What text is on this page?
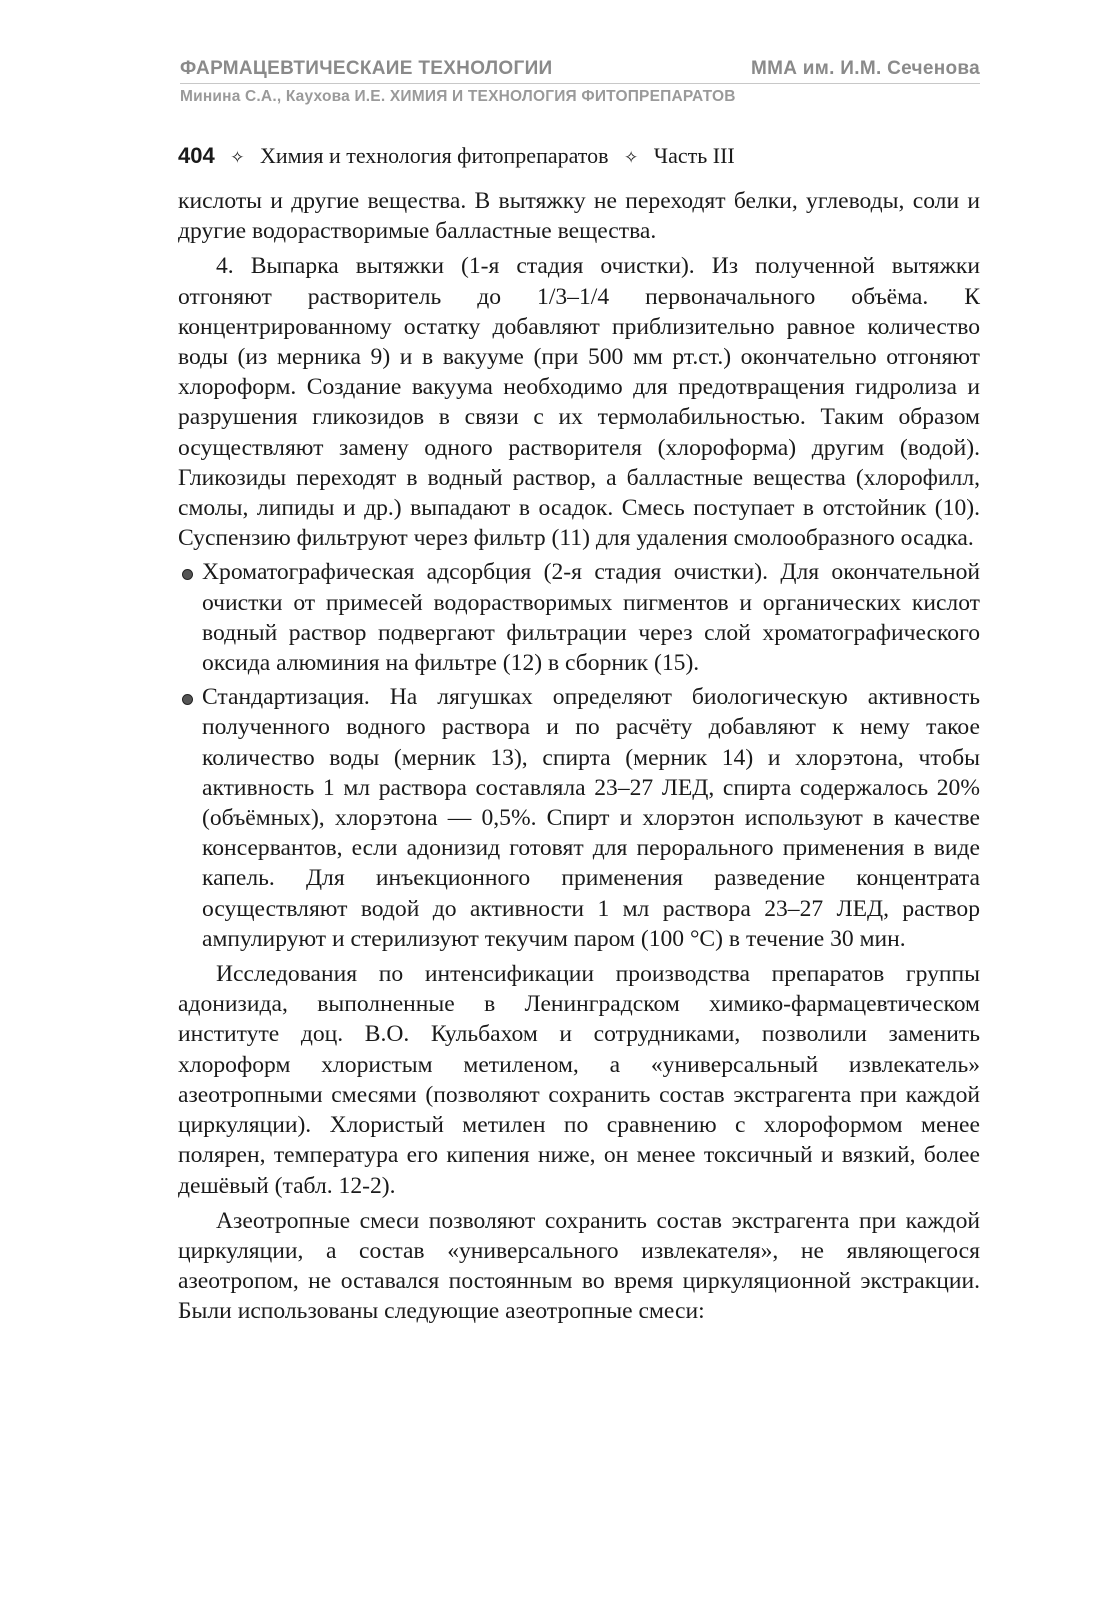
ФАРМАЦЕВТИЧЕСКАИЕ ТЕХНОЛОГИИ	ММА им. И.М. Сеченова
Минина С.А., Каухова И.Е. ХИМИЯ И ТЕХНОЛОГИЯ ФИТОПРЕПАРАТОВ
404 ✧ Химия и технология фитопрепаратов ✧ Часть III

кислоты и другие вещества. В вытяжку не переходят белки, углеводы, соли и другие водорастворимые балластные вещества.

4. Выпарка вытяжки (1-я стадия очистки). Из полученной вытяжки отгоняют растворитель до 1/3–1/4 первоначального объёма. К концентрированному остатку добавляют приблизительно равное количество воды (из мерника 9) и в вакууме (при 500 мм рт.ст.) окончательно отгоняют хлороформ. Создание вакуума необходимо для предотвращения гидролиза и разрушения гликозидов в связи с их термолабильностью. Таким образом осуществляют замену одного растворителя (хлороформа) другим (водой). Гликозиды переходят в водный раствор, а балластные вещества (хлорофилл, смолы, липиды и др.) выпадают в осадок. Смесь поступает в отстойник (10). Суспензию фильтруют через фильтр (11) для удаления смолообразного осадка.

Хроматографическая адсорбция (2-я стадия очистки). Для окончательной очистки от примесей водорастворимых пигментов и органических кислот водный раствор подвергают фильтрации через слой хроматографического оксида алюминия на фильтре (12) в сборник (15).

Стандартизация. На лягушках определяют биологическую активность полученного водного раствора и по расчёту добавляют к нему такое количество воды (мерник 13), спирта (мерник 14) и хлорэтона, чтобы активность 1 мл раствора составляла 23–27 ЛЕД, спирта содержалось 20% (объёмных), хлорэтона — 0,5%. Спирт и хлорэтон используют в качестве консервантов, если адонизид готовят для перорального применения в виде капель. Для инъекционного применения разведение концентрата осуществляют водой до активности 1 мл раствора 23–27 ЛЕД, раствор ампулируют и стерилизуют текучим паром (100 °С) в течение 30 мин.

Исследования по интенсификации производства препаратов группы адонизида, выполненные в Ленинградском химико-фармацевтическом институте доц. В.О. Кульбахом и сотрудниками, позволили заменить хлороформ хлористым метиленом, а «универсальный извлекатель» азеотропными смесями (позволяют сохранить состав экстрагента при каждой циркуляции). Хлористый метилен по сравнению с хлороформом менее полярен, температура его кипения ниже, он менее токсичный и вязкий, более дешёвый (табл. 12-2).

Азеотропные смеси позволяют сохранить состав экстрагента при каждой циркуляции, а состав «универсального извлекателя», не являющегося азеотропом, не оставался постоянным во время циркуляционной экстракции. Были использованы следующие азеотропные смеси:
